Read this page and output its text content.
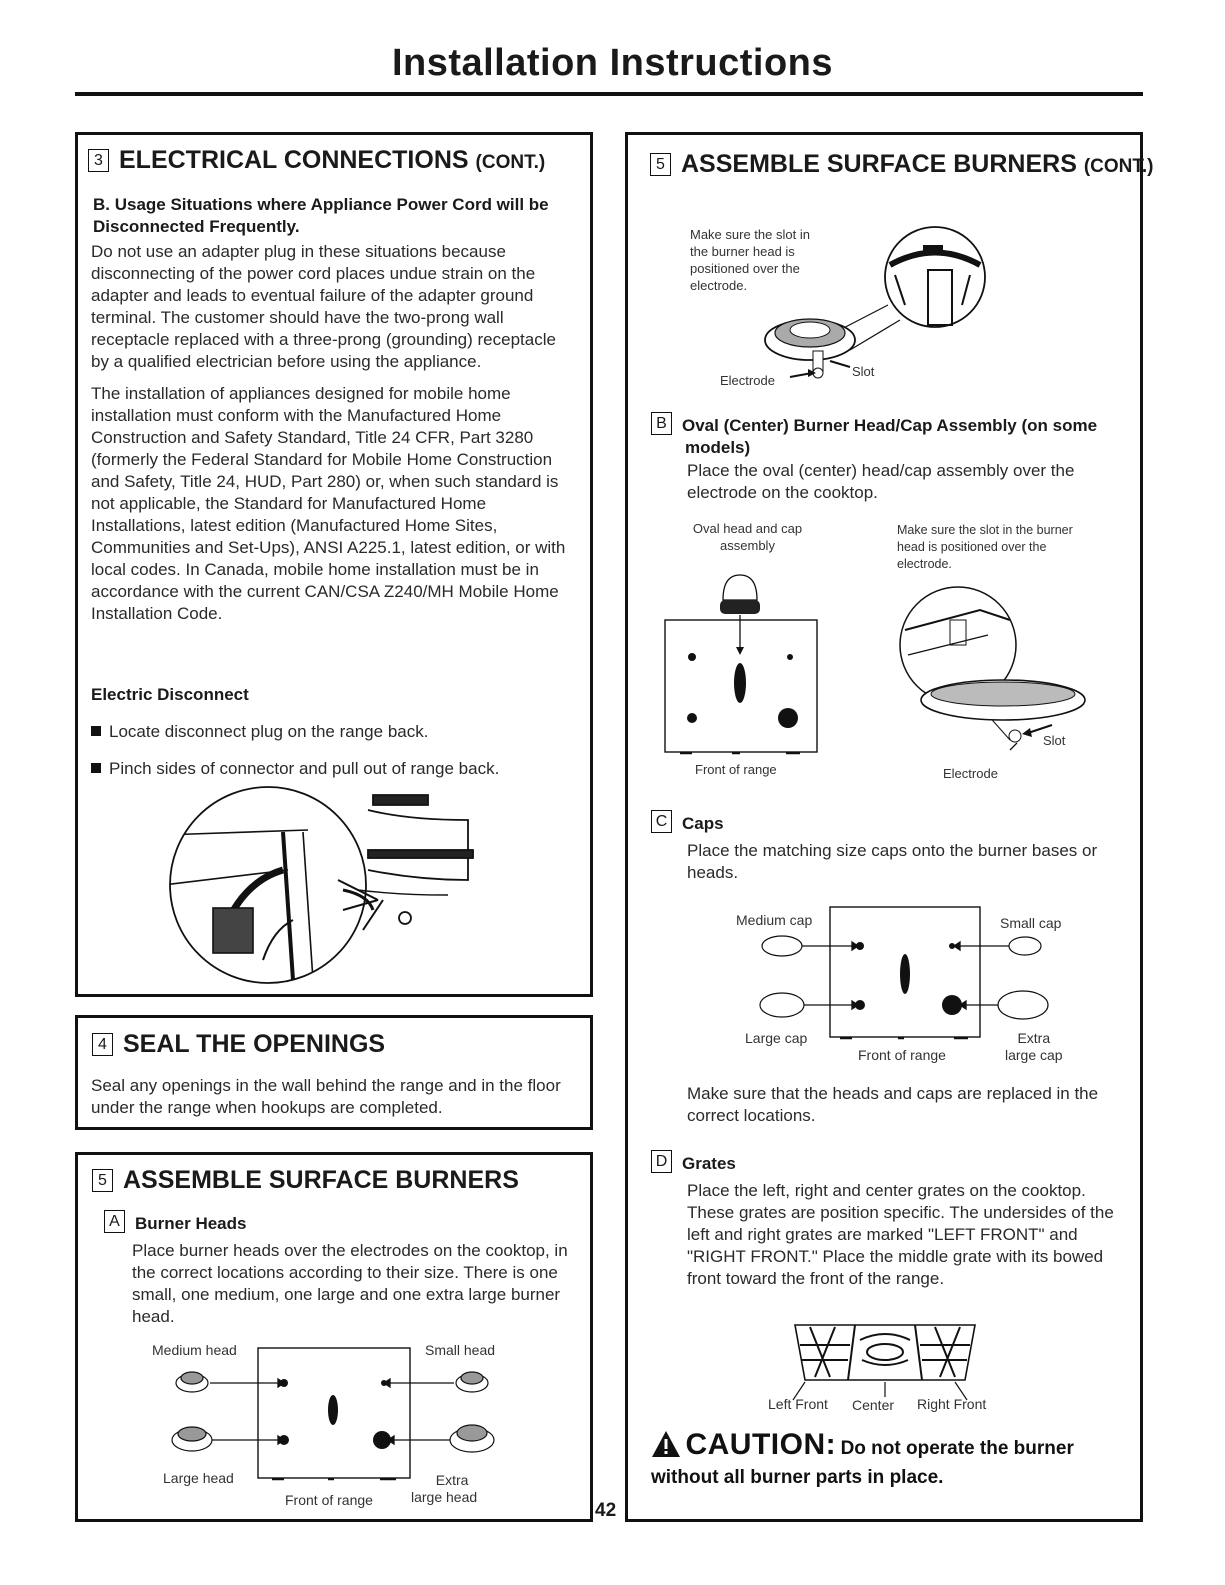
Installation Instructions
3 ELECTRICAL CONNECTIONS (CONT.)
B. Usage Situations where Appliance Power Cord will be Disconnected Frequently.

Do not use an adapter plug in these situations because disconnecting of the power cord places undue strain on the adapter and leads to eventual failure of the adapter ground terminal. The customer should have the two-prong wall receptacle replaced with a three-prong (grounding) receptacle by a qualified electrician before using the appliance.

The installation of appliances designed for mobile home installation must conform with the Manufactured Home Construction and Safety Standard, Title 24 CFR, Part 3280 (formerly the Federal Standard for Mobile Home Construction and Safety, Title 24, HUD, Part 280) or, when such standard is not applicable, the Standard for Manufactured Home Installations, latest edition (Manufactured Home Sites, Communities and Set-Ups), ANSI A225.1, latest edition, or with local codes. In Canada, mobile home installation must be in accordance with the current CAN/CSA Z240/MH Mobile Home Installation Code.

Electric Disconnect
Locate disconnect plug on the range back.
Pinch sides of connector and pull out of range back.
4 SEAL THE OPENINGS
Seal any openings in the wall behind the range and in the floor under the range when hookups are completed.
5 ASSEMBLE SURFACE BURNERS
A Burner Heads
Place burner heads over the electrodes on the cooktop, in the correct locations according to their size. There is one small, one medium, one large and one extra large burner head.
Medium head	Small head
Large head	Extra
large head
Front of range	42
5 ASSEMBLE SURFACE BURNERS (CONT.)
Make sure the slot in the burner head is positioned over the electrode.
Electrode
Slot
B Oval (Center) Burner Head/Cap Assembly (on some models)
Place the oval (center) head/cap assembly over the electrode on the cooktop.
Oval head and cap assembly
Make sure the slot in the burner head is positioned over the electrode.
Front of range	Electrode
Slot
C Caps
Place the matching size caps onto the burner bases or heads.
Medium cap	Small cap
Large cap	Extra
large cap
Front of range
Make sure that the heads and caps are replaced in the correct locations.
D Grates
Place the left, right and center grates on the cooktop. These grates are position specific. The undersides of the left and right grates are marked "LEFT FRONT" and "RIGHT FRONT." Place the middle grate with its bowed front toward the front of the range.
Left Front Center Right Front
CAUTION: Do not operate the burner
without all burner parts in place.
